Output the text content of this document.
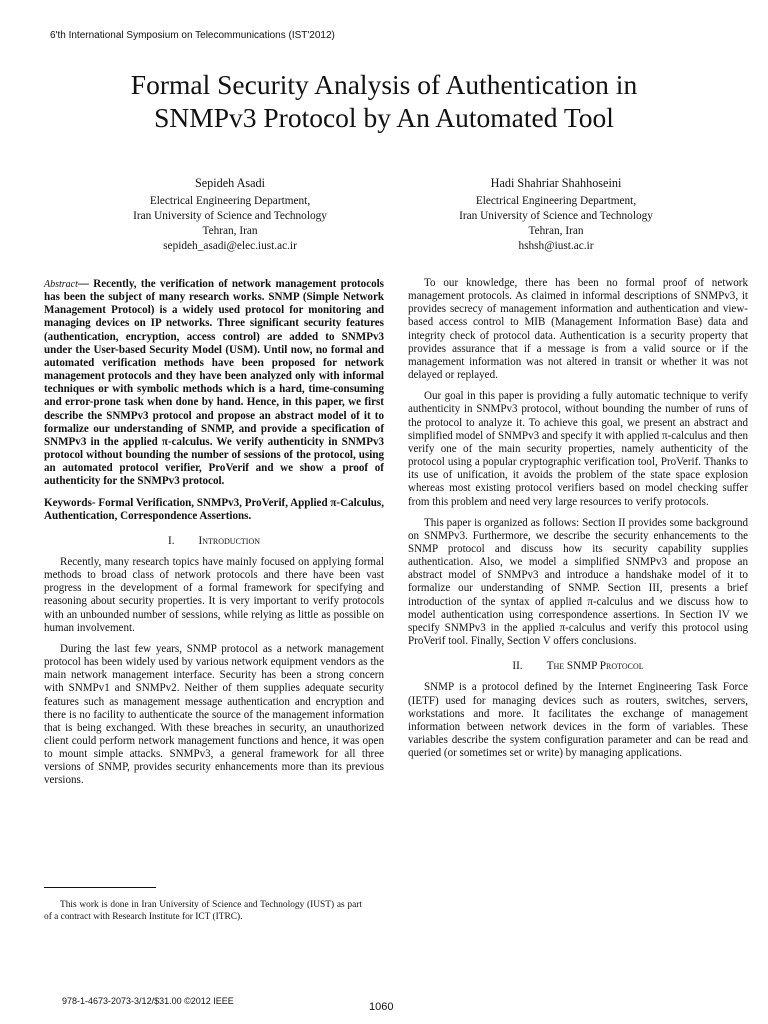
6'th International Symposium on Telecommunications (IST'2012)
Formal Security Analysis of Authentication in
SNMPv3 Protocol by An Automated Tool
Sepideh Asadi
Electrical Engineering Department,
Iran University of Science and Technology
Tehran, Iran
sepideh_asadi@elec.iust.ac.ir
Hadi Shahriar Shahhoseini
Electrical Engineering Department,
Iran University of Science and Technology
Tehran, Iran
hshsh@iust.ac.ir

Abstract— Recently, the verification of network management protocols has been the subject of many research works. SNMP (Simple Network Management Protocol) is a widely used protocol for monitoring and managing devices on IP networks. Three significant security features (authentication, encryption, access control) are added to SNMPv3 under the User-based Security Model (USM). Until now, no formal and automated verification methods have been proposed for network management protocols and they have been analyzed only with informal techniques or with symbolic methods which is a hard, time-consuming and error-prone task when done by hand. Hence, in this paper, we first describe the SNMPv3 protocol and propose an abstract model of it to formalize our understanding of SNMP, and provide a specification of SNMPv3 in the applied π-calculus. We verify authenticity in SNMPv3 protocol without bounding the number of sessions of the protocol, using an automated protocol verifier, ProVerif and we show a proof of authenticity for the SNMPv3 protocol.

Keywords- Formal Verification, SNMPv3, ProVerif, Applied π-Calculus, Authentication, Correspondence Assertions.

I. Introduction

Recently, many research topics have mainly focused on applying formal methods to broad class of network protocols and there have been vast progress in the development of a formal framework for specifying and reasoning about security properties. It is very important to verify protocols with an unbounded number of sessions, while relying as little as possible on human involvement.

During the last few years, SNMP protocol as a network management protocol has been widely used by various network equipment vendors as the main network management interface. Security has been a strong concern with SNMPv1 and SNMPv2. Neither of them supplies adequate security features such as management message authentication and encryption and there is no facility to authenticate the source of the management information that is being exchanged. With these breaches in security, an unauthorized client could perform network management functions and hence, it was open to mount simple attacks. SNMPv3, a general framework for all three versions of SNMP, provides security enhancements more than its previous versions.

To our knowledge, there has been no formal proof of network management protocols. As claimed in informal descriptions of SNMPv3, it provides secrecy of management information and authentication and view-based access control to MIB (Management Information Base) data and integrity check of protocol data. Authentication is a security property that provides assurance that if a message is from a valid source or if the management information was not altered in transit or whether it was not delayed or replayed.

Our goal in this paper is providing a fully automatic technique to verify authenticity in SNMPv3 protocol, without bounding the number of runs of the protocol to analyze it. To achieve this goal, we present an abstract and simplified model of SNMPv3 and specify it with applied π-calculus and then verify one of the main security properties, namely authenticity of the protocol using a popular cryptographic verification tool, ProVerif. Thanks to its use of unification, it avoids the problem of the state space explosion whereas most existing protocol verifiers based on model checking suffer from this problem and need very large resources to verify protocols.

This paper is organized as follows: Section II provides some background on SNMPv3. Furthermore, we describe the security enhancements to the SNMP protocol and discuss how its security capability supplies authentication. Also, we model a simplified SNMPv3 and propose an abstract model of SNMPv3 and introduce a handshake model of it to formalize our understanding of SNMP. Section III, presents a brief introduction of the syntax of applied π-calculus and we discuss how to model authentication using correspondence assertions. In Section IV we specify SNMPv3 in the applied π-calculus and verify this protocol using ProVerif tool. Finally, Section V offers conclusions.

II. The SNMP Protocol

SNMP is a protocol defined by the Internet Engineering Task Force (IETF) used for managing devices such as routers, switches, servers, workstations and more. It facilitates the exchange of management information between network devices in the form of variables. These variables describe the system configuration parameter and can be read and queried (or sometimes set or write) by managing applications.

This work is done in Iran University of Science and Technology (IUST) as part of a contract with Research Institute for ICT (ITRC).
978-1-4673-2073-3/12/$31.00 ©2012 IEEE	1060
